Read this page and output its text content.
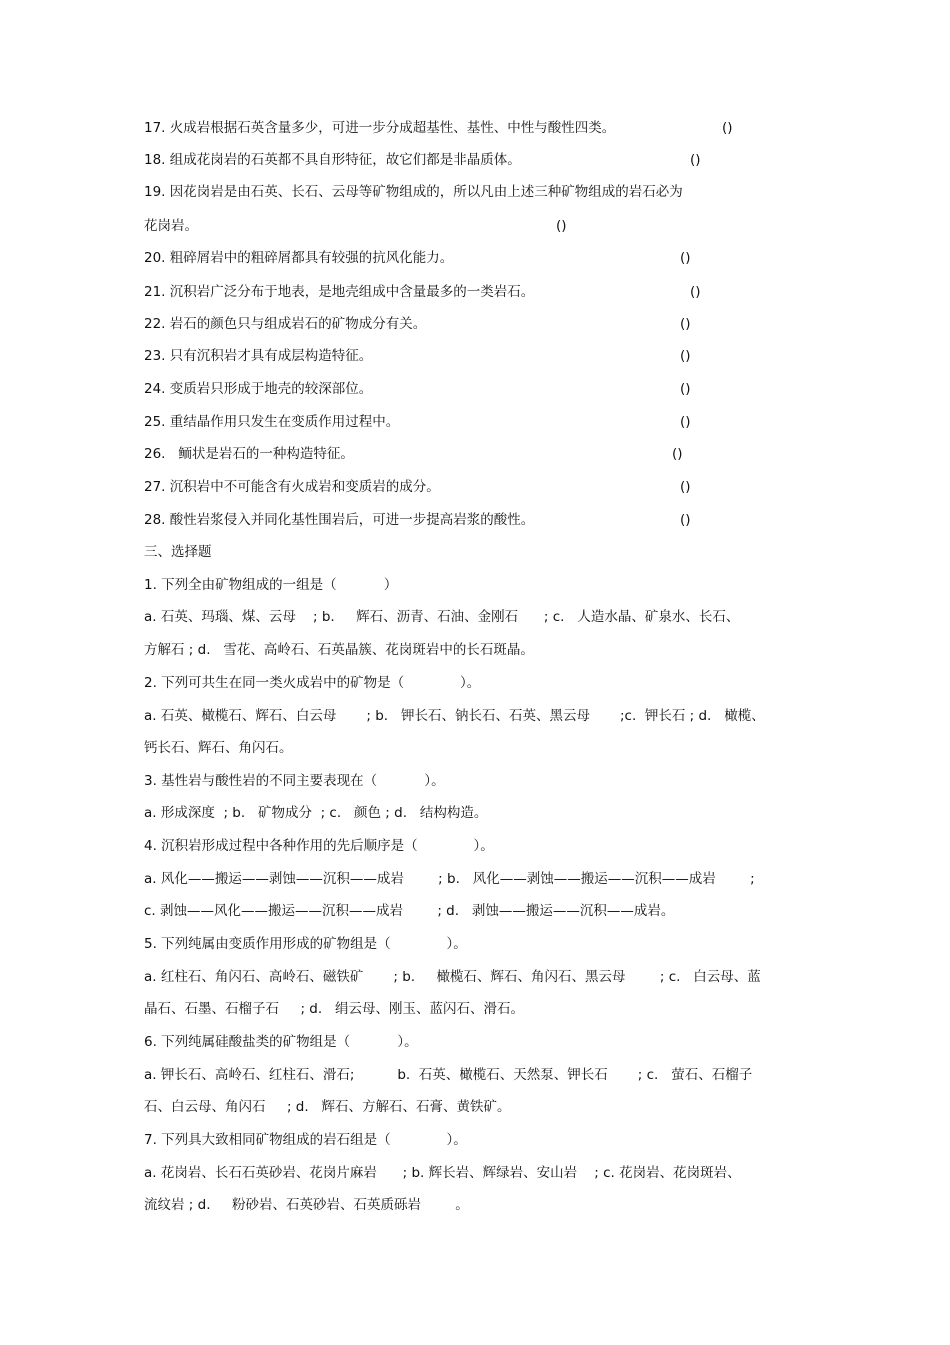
17. 火成岩根据石英含量多少，可进一步分成超基性、基性、中性与酸性四类。	()
18. 组成花岗岩的石英都不具自形特征，故它们都是非晶质体。	()
19. 因花岗岩是由石英、长石、云母等矿物组成的，所以凡由上述三种矿物组成的岩石必为
花岗岩。	()
20. 粗碎屑岩中的粗碎屑都具有较强的抗风化能力。	()
21. 沉积岩广泛分布于地表，是地壳组成中含量最多的一类岩石。	()
22. 岩石的颜色只与组成岩石的矿物成分有关。	()
23. 只有沉积岩才具有成层构造特征。	()
24. 变质岩只形成于地壳的较深部位。	()
25. 重结晶作用只发生在变质作用过程中。	()
26.   鲕状是岩石的一种构造特征。	()
27. 沉积岩中不可能含有火成岩和变质岩的成分。	()
28. 酸性岩浆侵入并同化基性围岩后，可进一步提高岩浆的酸性。	()
三、选择题
1. 下列全由矿物组成的一组是（           ）
a. 石英、玛瑙、煤、云母    ; b.     辉石、沥青、石油、金刚石      ; c.   人造水晶、矿泉水、长石、
方解石 ; d.   雪花、高岭石、石英晶簇、花岗斑岩中的长石斑晶。
2. 下列可共生在同一类火成岩中的矿物是（             ）。
a. 石英、橄榄石、辉石、白云母       ; b.   钾长石、钠长石、石英、黑云母       ;c.  钾长石 ; d.   橄榄、
钙长石、辉石、角闪石。
3. 基性岩与酸性岩的不同主要表现在（           ）。
a. 形成深度  ; b.   矿物成分  ; c.   颜色 ; d.   结构构造。
4. 沉积岩形成过程中各种作用的先后顺序是（             ）。
a. 风化——搬运——剥蚀——沉积——成岩        ; b.   风化——剥蚀——搬运——沉积——成岩        ;
c. 剥蚀——风化——搬运——沉积——成岩        ; d.   剥蚀——搬运——沉积——成岩。
5. 下列纯属由变质作用形成的矿物组是（             ）。
a. 红柱石、角闪石、高岭石、磁铁矿       ; b.     橄榄石、辉石、角闪石、黑云母        ; c.   白云母、蓝
晶石、石墨、石榴子石     ; d.   绢云母、刚玉、蓝闪石、滑石。
6. 下列纯属硅酸盐类的矿物组是（           ）。
a. 钾长石、高岭石、红柱石、滑石;          b.  石英、橄榄石、天然泵、钾长石       ; c.   萤石、石榴子
石、白云母、角闪石     ; d.   辉石、方解石、石膏、黄铁矿。
7. 下列具大致相同矿物组成的岩石组是（             ）。
a. 花岗岩、长石石英砂岩、花岗片麻岩      ; b. 辉长岩、辉绿岩、安山岩    ; c. 花岗岩、花岗斑岩、
流纹岩 ; d.     粉砂岩、石英砂岩、石英质砾岩        。
